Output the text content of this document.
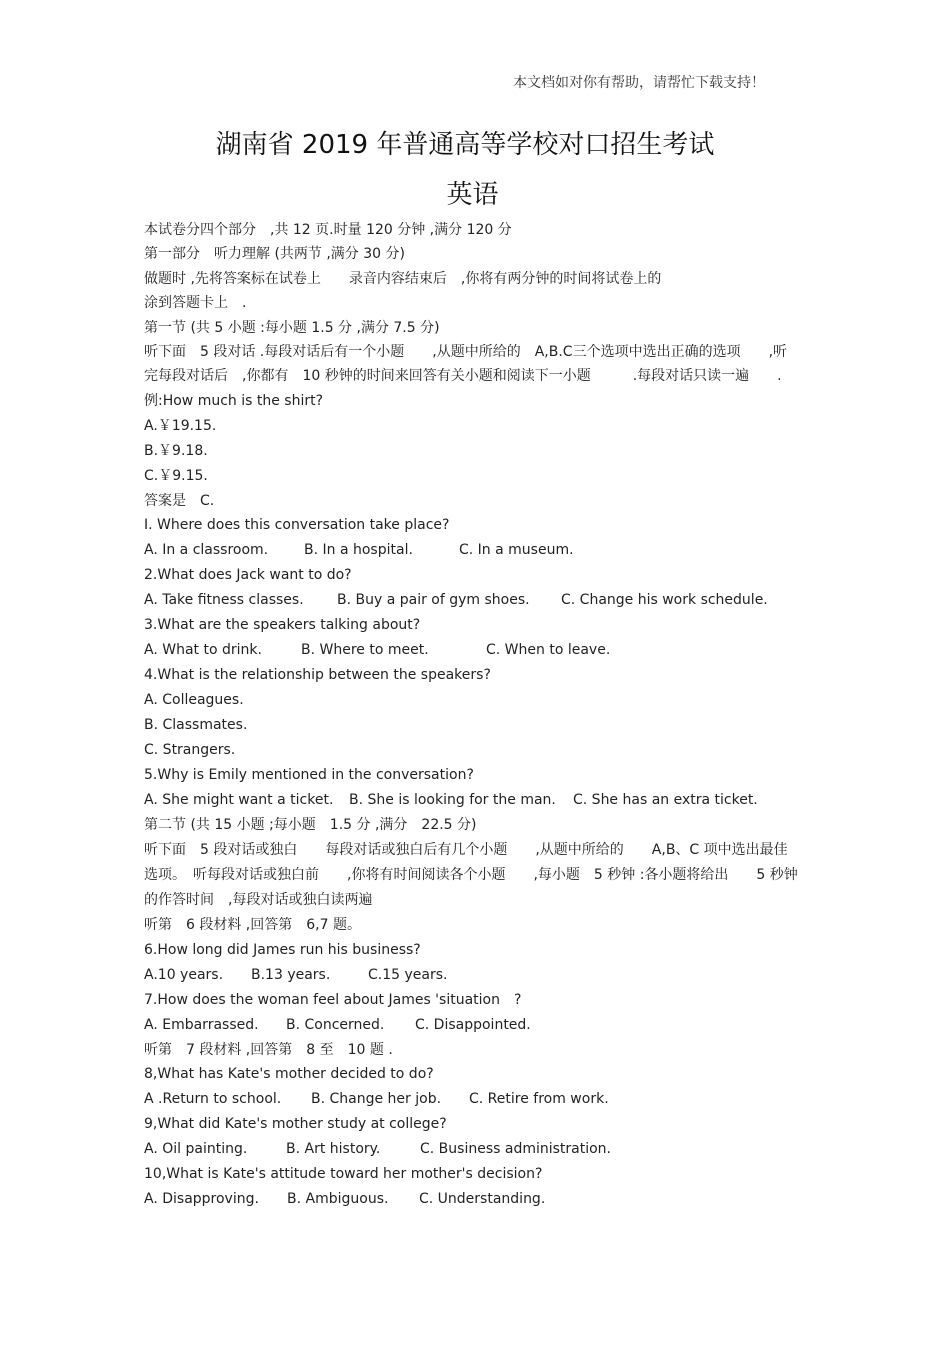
本文档如对你有帮助，请帮忙下载支持！
湖南省 2019 年普通高等学校对口招生考试
英语
本试卷分四个部分　,共 12 页.时量 120 分钟 ,满分 120 分
第一部分　听力理解 (共两节 ,满分 30 分)
做题时 ,先将答案标在试卷上　　录音内容结束后　,你将有两分钟的时间将试卷上的
涂到答题卡上　.
第一节 (共 5 小题 :每小题 1.5 分 ,满分 7.5 分)
听下面　5 段对话 .每段对话后有一个小题　　,从题中所给的　A,B.C三个选项中选出正确的选项　　,听
完每段对话后　,你都有　10 秒钟的时间来回答有关小题和阅读下一小题　　　.每段对话只读一遍　　.
例:How much is the shirt?
A.￥19.15.
B.￥9.18.
C.￥9.15.
答案是　C.
I. Where does this conversation take place?
A. In a classroom.	B. In a hospital.	C. In a museum.
2.What does Jack want to do?
A. Take fitness classes.	B. Buy a pair of gym shoes.	C. Change his work schedule.
3.What are the speakers talking about?
A. What to drink.	B. Where to meet.	C. When to leave.
4.What is the relationship between the speakers?
A. Colleagues.
B. Classmates.
C. Strangers.
5.Why is Emily mentioned in the conversation?
A. She might want a ticket.	B. She is looking for the man.	C. She has an extra ticket.
第二节 (共 15 小题 ;每小题　1.5 分 ,满分　22.5 分)
听下面　5 段对话或独白　　每段对话或独白后有几个小题　　,从题中所给的　　A,B、C 项中选出最佳
选项。　听每段对话或独白前　　,你将有时间阅读各个小题　　,每小题　5 秒钟 :各小题将给出　　5 秒钟
的作答时间　,每段对话或独白读两遍
听第　6 段材料 ,回答第　6,7 题。
6.How long did James run his business?
A.10 years.	B.13 years.	C.15 years.
7.How does the woman feel about James 'situation　?
A. Embarrassed.	B. Concerned.	C. Disappointed.
听第　7 段材料 ,回答第　8 至　10 题 .
8,What has Kate's mother decided to do?
A .Return to school.	B. Change her job.	C. Retire from work.
9,What did Kate's mother study at college?
A. Oil painting.	B. Art history.	C. Business administration.
10,What is Kate's attitude toward her mother's decision?
A. Disapproving.	B. Ambiguous.	C. Understanding.
